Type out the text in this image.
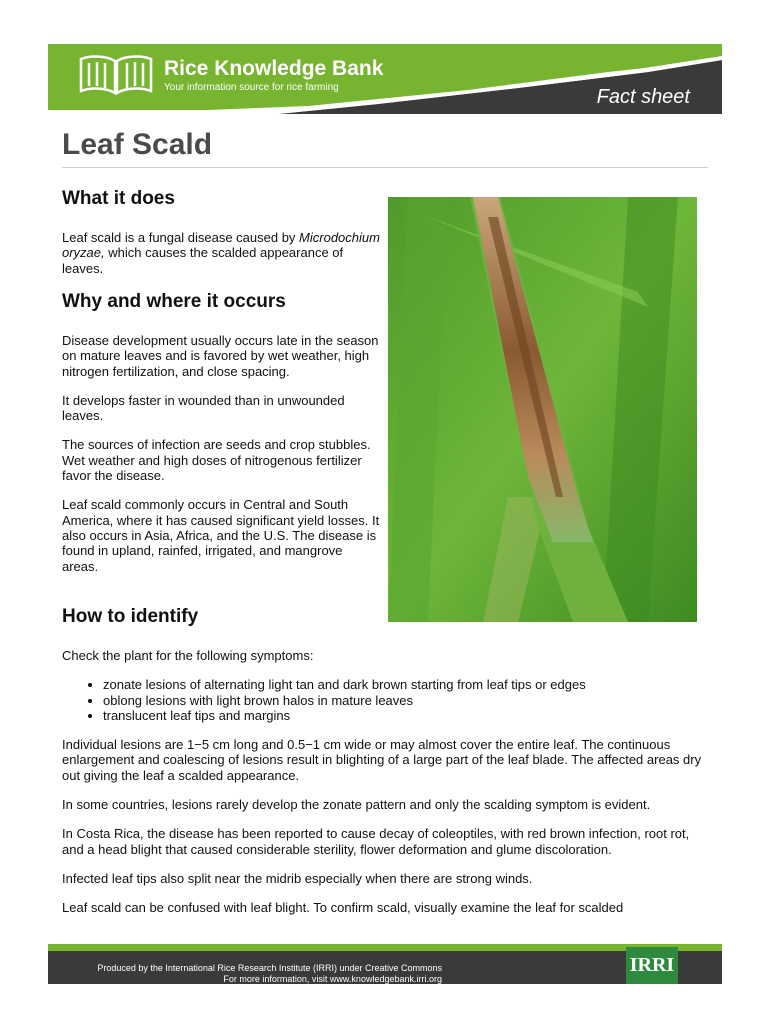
Rice Knowledge Bank
Your information source for rice farming	Fact sheet
Leaf Scald
What it does

Leaf scald is a fungal disease caused by Microdochium oryzae, which causes the scalded appearance of leaves.

Why and where it occurs

Disease development usually occurs late in the season on mature leaves and is favored by wet weather, high nitrogen fertilization, and close spacing.

It develops faster in wounded than in unwounded leaves.

The sources of infection are seeds and crop stubbles. Wet weather and high doses of nitrogenous fertilizer favor the disease.

Leaf scald commonly occurs in Central and South America, where it has caused significant yield losses. It also occurs in Asia, Africa, and the U.S. The disease is found in upland, rainfed, irrigated, and mangrove areas.

How to identify

Check the plant for the following symptoms:

• zonate lesions of alternating light tan and dark brown starting from leaf tips or edges
• oblong lesions with light brown halos in mature leaves
• translucent leaf tips and margins

Individual lesions are 1−5 cm long and 0.5−1 cm wide or may almost cover the entire leaf. The continuous enlargement and coalescing of lesions result in blighting of a large part of the leaf blade. The affected areas dry out giving the leaf a scalded appearance.

In some countries, lesions rarely develop the zonate pattern and only the scalding symptom is evident.

In Costa Rica, the disease has been reported to cause decay of coleoptiles, with red brown infection, root rot, and a head blight that caused considerable sterility, flower deformation and glume discoloration.

Infected leaf tips also split near the midrib especially when there are strong winds.

Leaf scald can be confused with leaf blight. To confirm scald, visually examine the leaf for scalded

Produced by the International Rice Research Institute (IRRI) under Creative Commons
For more information, visit www.knowledgebank.irri.org
IRRI
